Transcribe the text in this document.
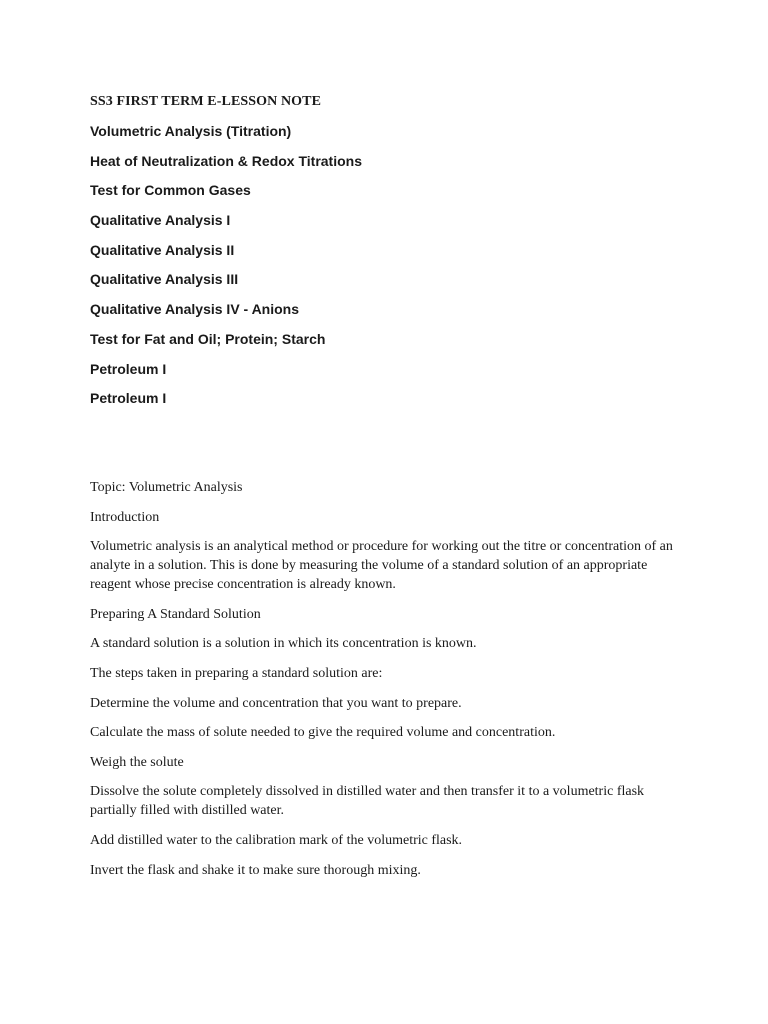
SS3 FIRST TERM E-LESSON NOTE
Volumetric Analysis (Titration)
Heat of Neutralization & Redox Titrations
Test for Common Gases
Qualitative Analysis I
Qualitative Analysis II
Qualitative Analysis III
Qualitative Analysis IV - Anions
Test for Fat and Oil; Protein; Starch
Petroleum I
Petroleum I

Topic: Volumetric Analysis

Introduction

Volumetric analysis is an analytical method or procedure for working out the titre or concentration of an analyte in a solution. This is done by measuring the volume of a standard solution of an appropriate reagent whose precise concentration is already known.

Preparing A Standard Solution

A standard solution is a solution in which its concentration is known.

The steps taken in preparing a standard solution are:

Determine the volume and concentration that you want to prepare.

Calculate the mass of solute needed to give the required volume and concentration.

Weigh the solute

Dissolve the solute completely dissolved in distilled water and then transfer it to a volumetric flask partially filled with distilled water.

Add distilled water to the calibration mark of the volumetric flask.

Invert the flask and shake it to make sure thorough mixing.
